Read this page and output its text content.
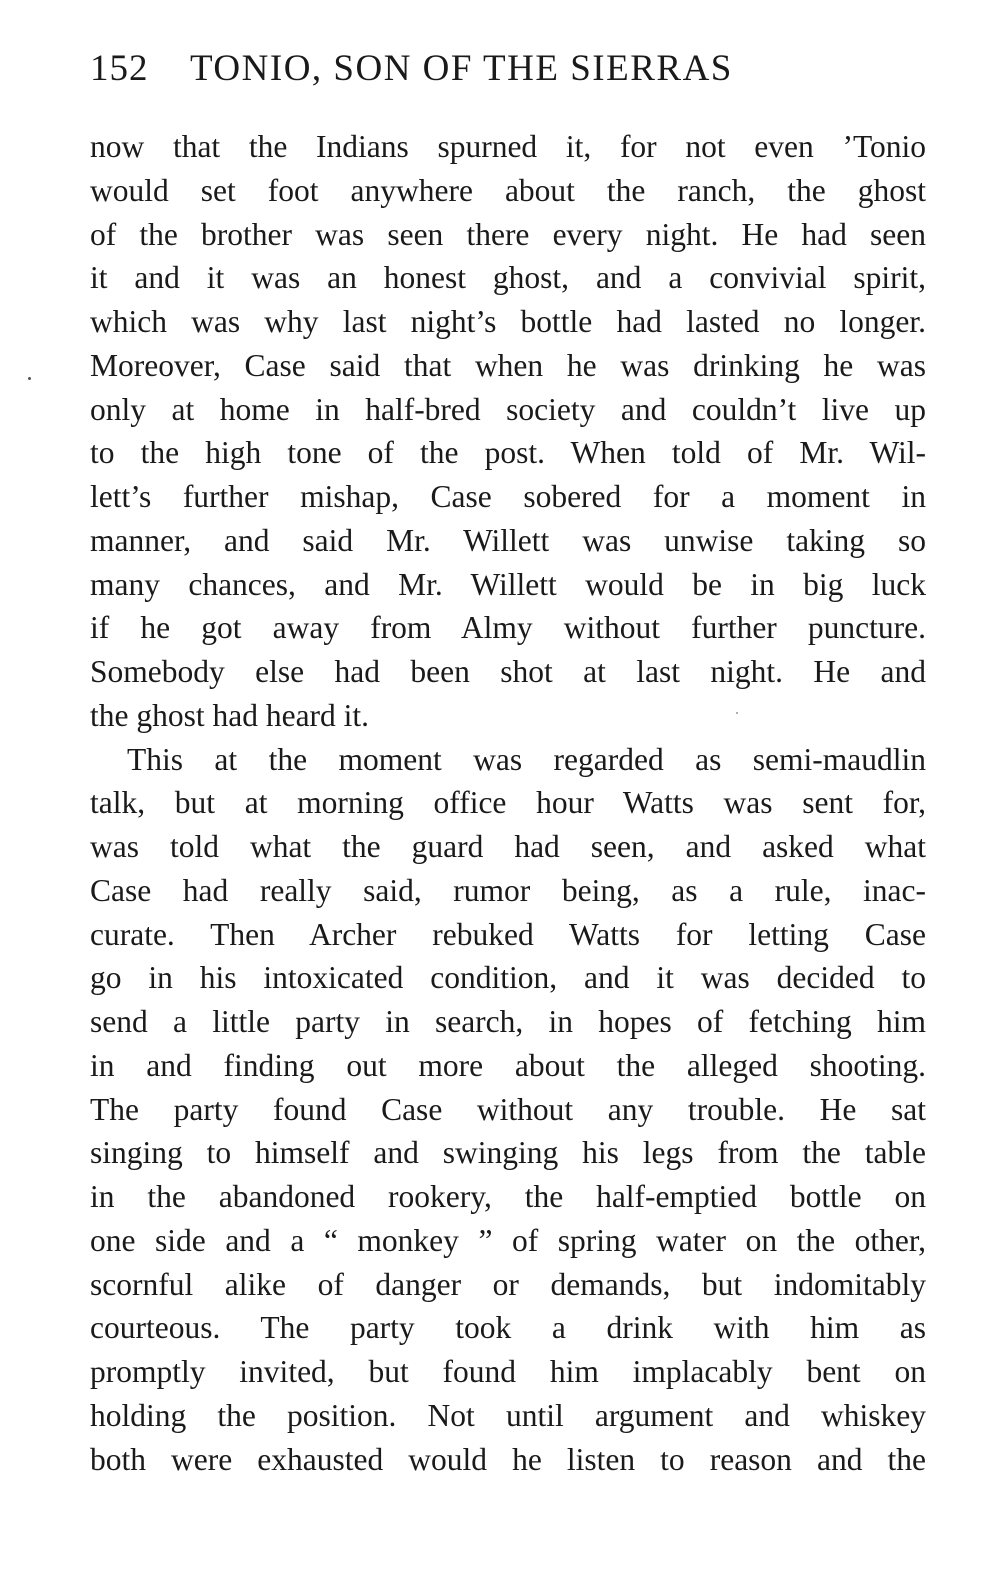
152 TONIO, SON OF THE SIERRAS
now that the Indians spurned it, for not even ’Tonio
would set foot anywhere about the ranch, the ghost
of the brother was seen there every night. He had seen
it and it was an honest ghost, and a convivial spirit,
which was why last night’s bottle had lasted no longer.
Moreover, Case said that when he was drinking he was
only at home in half-bred society and couldn’t live up
to the high tone of the post. When told of Mr. Wil-
lett’s further mishap, Case sobered for a moment in
manner, and said Mr. Willett was unwise taking so
many chances, and Mr. Willett would be in big luck
if he got away from Almy without further puncture.
Somebody else had been shot at last night. He and
the ghost had heard it.
This at the moment was regarded as semi-maudlin
talk, but at morning office hour Watts was sent for,
was told what the guard had seen, and asked what
Case had really said, rumor being, as a rule, inac-
curate. Then Archer rebuked Watts for letting Case
go in his intoxicated condition, and it was decided to
send a little party in search, in hopes of fetching him
in and finding out more about the alleged shooting.
The party found Case without any trouble. He sat
singing to himself and swinging his legs from the table
in the abandoned rookery, the half-emptied bottle on
one side and a “ monkey ” of spring water on the other,
scornful alike of danger or demands, but indomitably
courteous. The party took a drink with him as
promptly invited, but found him implacably bent on
holding the position. Not until argument and whiskey
both were exhausted would he listen to reason and the
